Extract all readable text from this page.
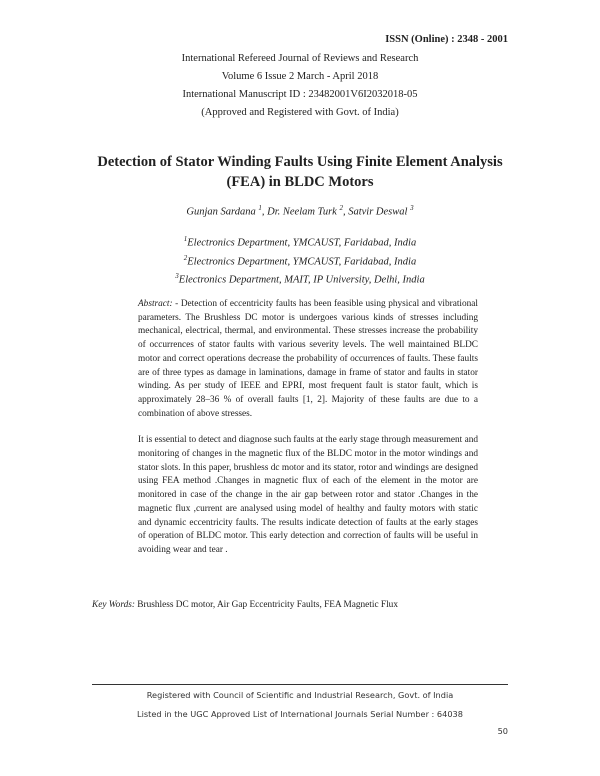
ISSN (Online) : 2348 - 2001
International Refereed Journal of Reviews and Research
Volume 6 Issue 2 March - April 2018
International Manuscript ID : 23482001V6I2032018-05
(Approved and Registered with Govt. of India)
Detection of Stator Winding Faults Using Finite Element Analysis
(FEA) in BLDC Motors
Gunjan Sardana $^1$, Dr. Neelam Turk $^2$, Satvir Deswal $^3$
$^1$Electronics Department, YMCAUST, Faridabad, India
$^2$Electronics Department, YMCAUST, Faridabad, India
$^3$Electronics Department, MAIT, IP University, Delhi, India

Abstract: - Detection of eccentricity faults has been feasible using physical and vibrational parameters. The Brushless DC motor is undergoes various kinds of stresses including mechanical, electrical, thermal, and environmental. These stresses increase the probability of occurrences of stator faults with various severity levels. The well maintained BLDC motor and correct operations decrease the probability of occurrences of faults. These faults are of three types as damage in laminations, damage in frame of stator and faults in stator winding. As per study of IEEE and EPRI, most frequent fault is stator fault, which is approximately 28–36 % of overall faults [1, 2]. Majority of these faults are due to a combination of above stresses.

It is essential to detect and diagnose such faults at the early stage through measurement and monitoring of changes in the magnetic flux of the BLDC motor in the motor windings and stator slots. In this paper, brushless dc motor and its stator, rotor and windings are designed using FEA method .Changes in magnetic flux of each of the element in the motor are monitored in case of the change in the air gap between rotor and stator .Changes in the magnetic flux ,current are analysed using model of healthy and faulty motors with static and dynamic eccentricity faults. The results indicate detection of faults at the early stages of operation of BLDC motor. This early detection and correction of faults will be useful in avoiding wear and tear .

Key Words: Brushless DC motor, Air Gap Eccentricity Faults, FEA Magnetic Flux
Registered with Council of Scientific and Industrial Research, Govt. of India
Listed in the UGC Approved List of International Journals Serial Number : 64038
50
